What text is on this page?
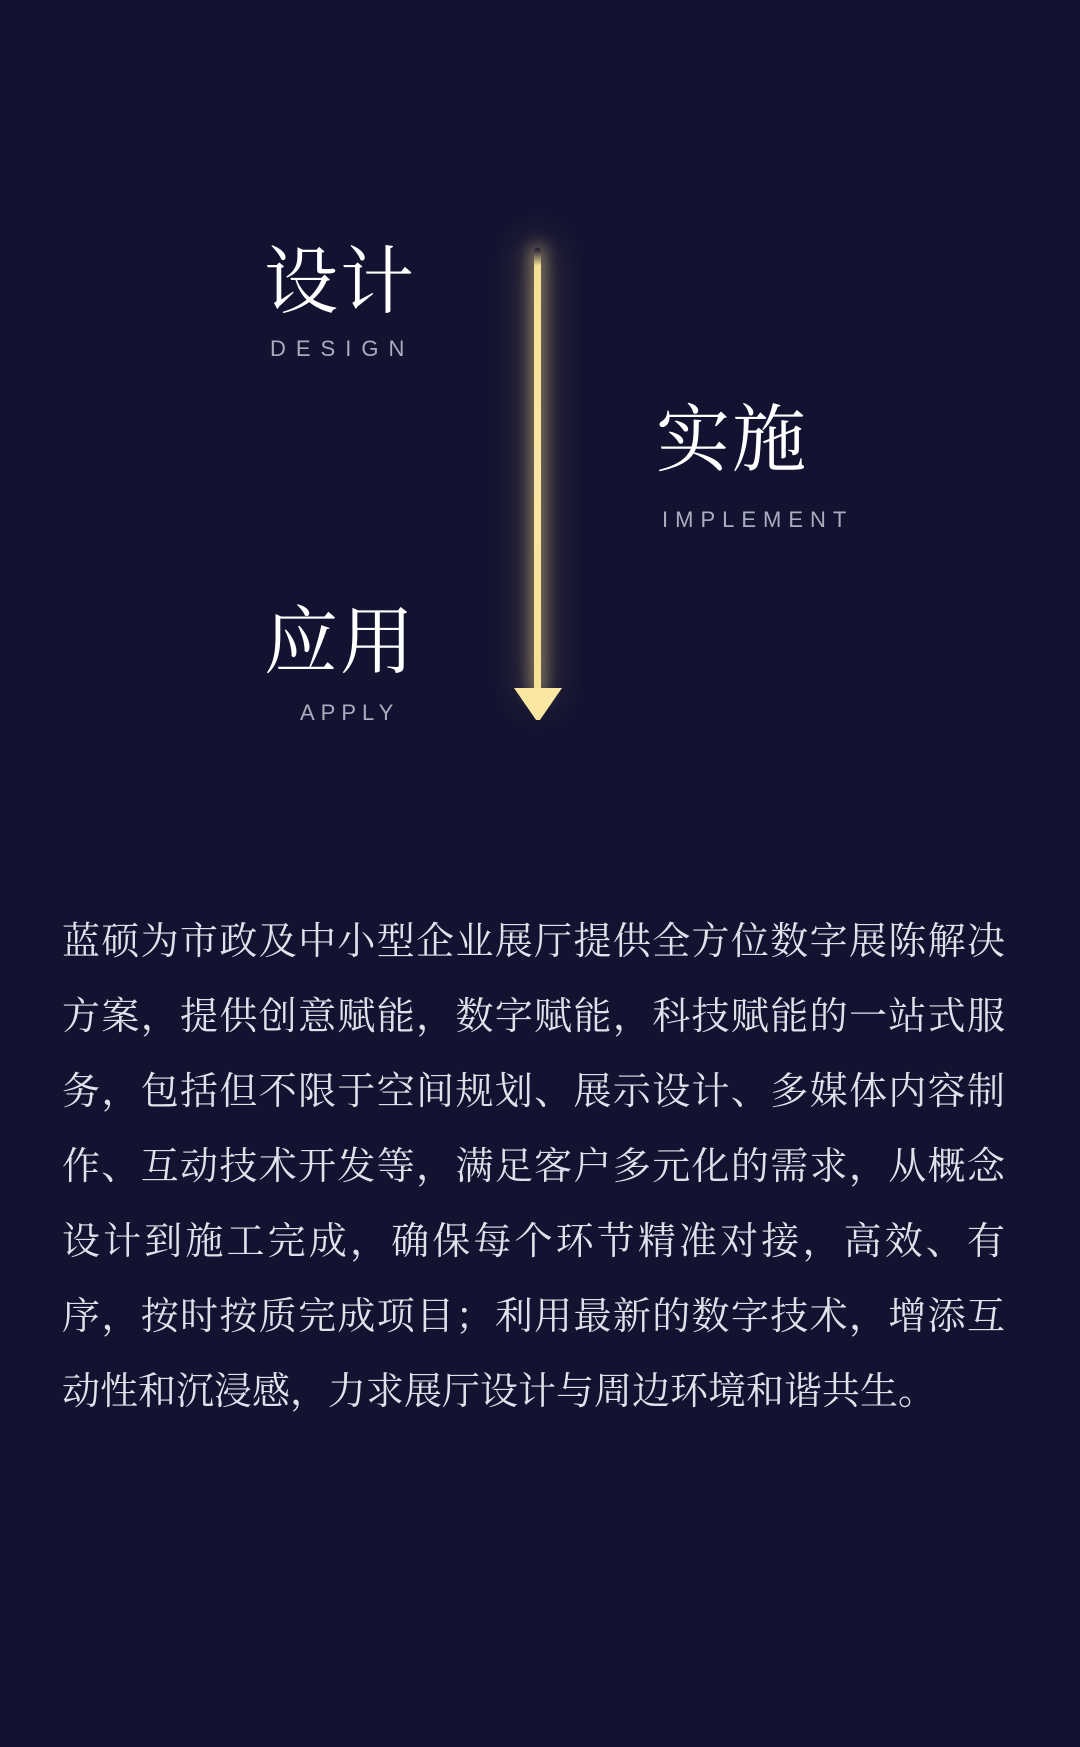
设计
DESIGN
实施
IMPLEMENT
应用
APPLY
蓝硕为市政及中小型企业展厅提供全方位数字展陈解决
方案，提供创意赋能，数字赋能，科技赋能的一站式服
务，包括但不限于空间规划、展示设计、多媒体内容制
作、互动技术开发等，满足客户多元化的需求，从概念
设计到施工完成，确保每个环节精准对接，高效、有
序，按时按质完成项目；利用最新的数字技术，增添互
动性和沉浸感，力求展厅设计与周边环境和谐共生。
